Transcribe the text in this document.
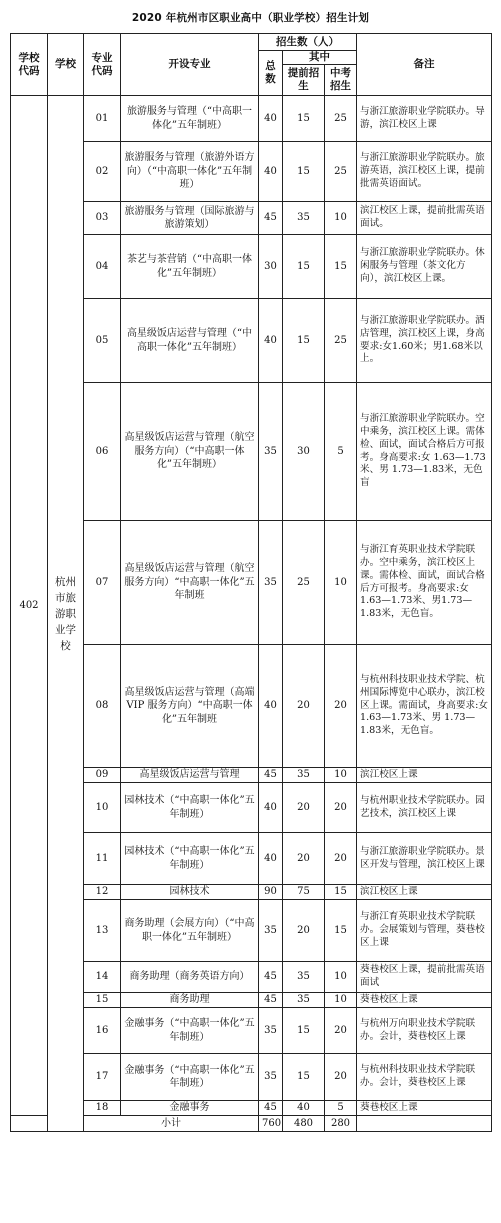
2020 年杭州市区职业高中（职业学校）招生计划
学校代码	学校	专业代码	开设专业	招生数（人）			备注
				总数	其中		
					提前招生	中考招生	
402	杭州市旅游职业学校	01	旅游服务与管理（“中高职一体化”五年制班）	40	15	25	与浙江旅游职业学院联办。导游，滨江校区上课
		02	旅游服务与管理（旅游外语方向）（“中高职一体化”五年制班）	40	15	25	与浙江旅游职业学院联办。旅游英语，滨江校区上课，提前批需英语面试。
		03	旅游服务与管理（国际旅游与旅游策划）	45	35	10	滨江校区上课，提前批需英语面试。
		04	茶艺与茶营销（“中高职一体化”五年制班）	30	15	15	与浙江旅游职业学院联办。休闲服务与管理（茶文化方向），滨江校区上课。
		05	高星级饭店运营与管理（“中高职一体化”五年制班）	40	15	25	与浙江旅游职业学院联办。酒店管理，滨江校区上课，身高要求:女1.60米；男1.68米以上。
		06	高星级饭店运营与管理（航空服务方向）（“中高职一体化”五年制班）	35	30	5	与浙江旅游职业学院联办。空中乘务，滨江校区上课。需体检、面试，面试合格后方可报考。身高要求:女 1.63—1.73米、男 1.73—1.83米，无色盲
		07	高星级饭店运营与管理（航空服务方向）“中高职一体化”五年制班	35	25	10	与浙江育英职业技术学院联办。空中乘务，滨江校区上课。需体检、面试，面试合格后方可报考。身高要求:女1.63—1.73米、男1.73—1.83米，无色盲。
		08	高星级饭店运营与管理（高端 VIP 服务方向）“中高职一体化”五年制班	40	20	20	与杭州科技职业技术学院、杭州国际博览中心联办，滨江校区上课。需面试，身高要求:女 1.63—1.73米、男 1.73—1.83米，无色盲。
		09	高星级饭店运营与管理	45	35	10	滨江校区上课
		10	园林技术（“中高职一体化”五年制班）	40	20	20	与杭州职业技术学院联办。园艺技术，滨江校区上课
		11	园林技术（“中高职一体化”五年制班）	40	20	20	与浙江旅游职业学院联办。景区开发与管理，滨江校区上课
		12	园林技术	90	75	15	滨江校区上课
		13	商务助理（会展方向）（“中高职一体化”五年制班）	35	20	15	与浙江育英职业技术学院联办。会展策划与管理，葵巷校区上课
		14	商务助理（商务英语方向）	45	35	10	葵巷校区上课，提前批需英语面试
		15	商务助理	45	35	10	葵巷校区上课
		16	金融事务（“中高职一体化”五年制班）	35	15	20	与杭州万向职业技术学院联办。会计，葵巷校区上课
		17	金融事务（“中高职一体化”五年制班）	35	15	20	与杭州科技职业技术学院联办。会计，葵巷校区上课
		18	金融事务	45	40	5	葵巷校区上课
		小计		760	480	280	
